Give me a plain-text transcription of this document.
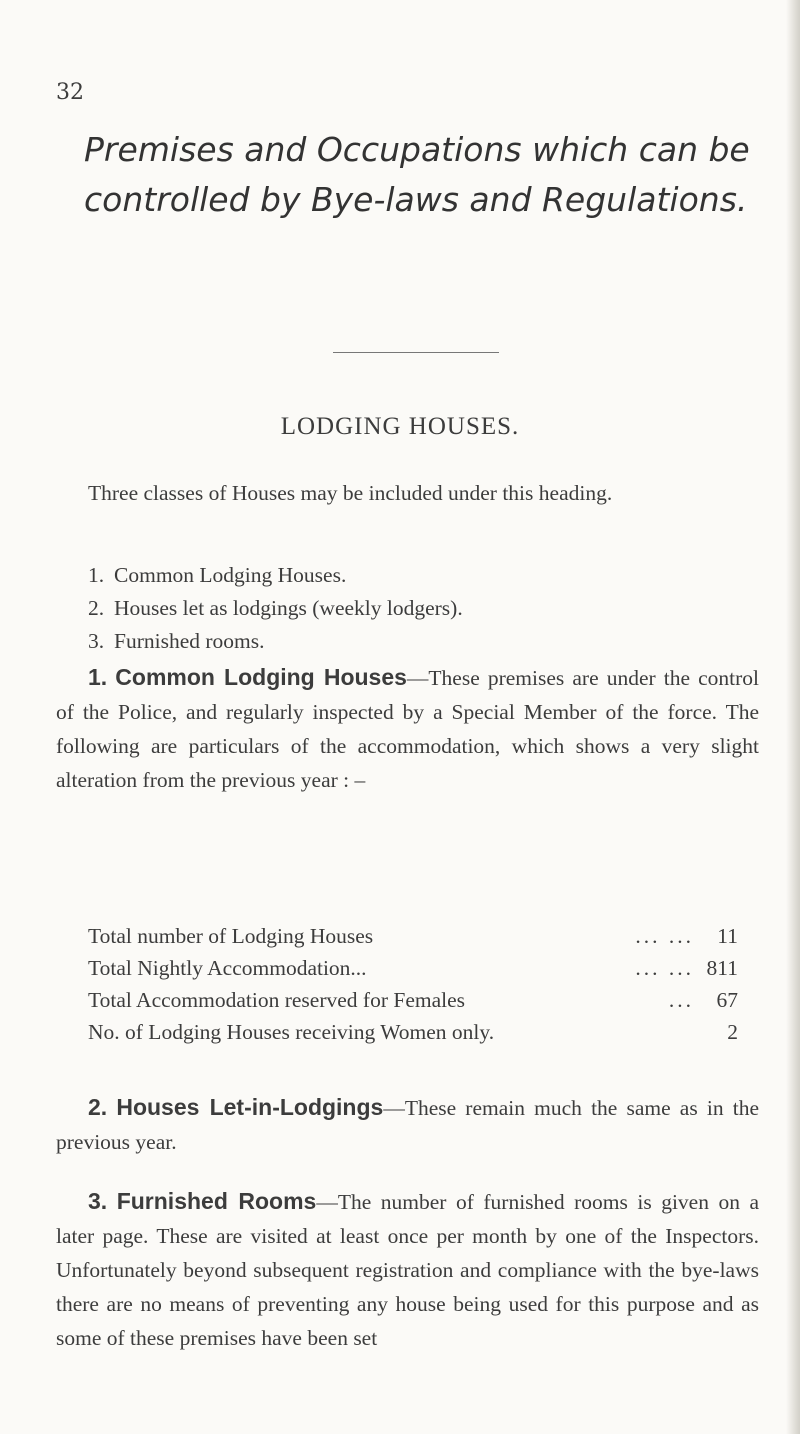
32
Premises and Occupations which can be
controlled by Bye-laws and Regulations.
LODGING HOUSES.

Three classes of Houses may be included under this heading.

1. Common Lodging Houses.
2. Houses let as lodgings (weekly lodgers).
3. Furnished rooms.

1. Common Lodging Houses—These premises are under the control of the Police, and regularly inspected by a Special Member of the force. The following are particulars of the accommodation, which shows a very slight alteration from the previous year : –

Total number of Lodging Houses	... ...	11
Total Nightly Accommodation...	... ... 811
Total Accommodation reserved for Females	...	67
No. of Lodging Houses receiving Women only.	2

2. Houses Let-in-Lodgings—These remain much the same as in the previous year.

3. Furnished Rooms—The number of furnished rooms is given on a later page. These are visited at least once per month by one of the Inspectors. Unfortunately beyond subsequent registration and compliance with the bye-laws there are no means of preventing any house being used for this purpose and as some of these premises have been set
